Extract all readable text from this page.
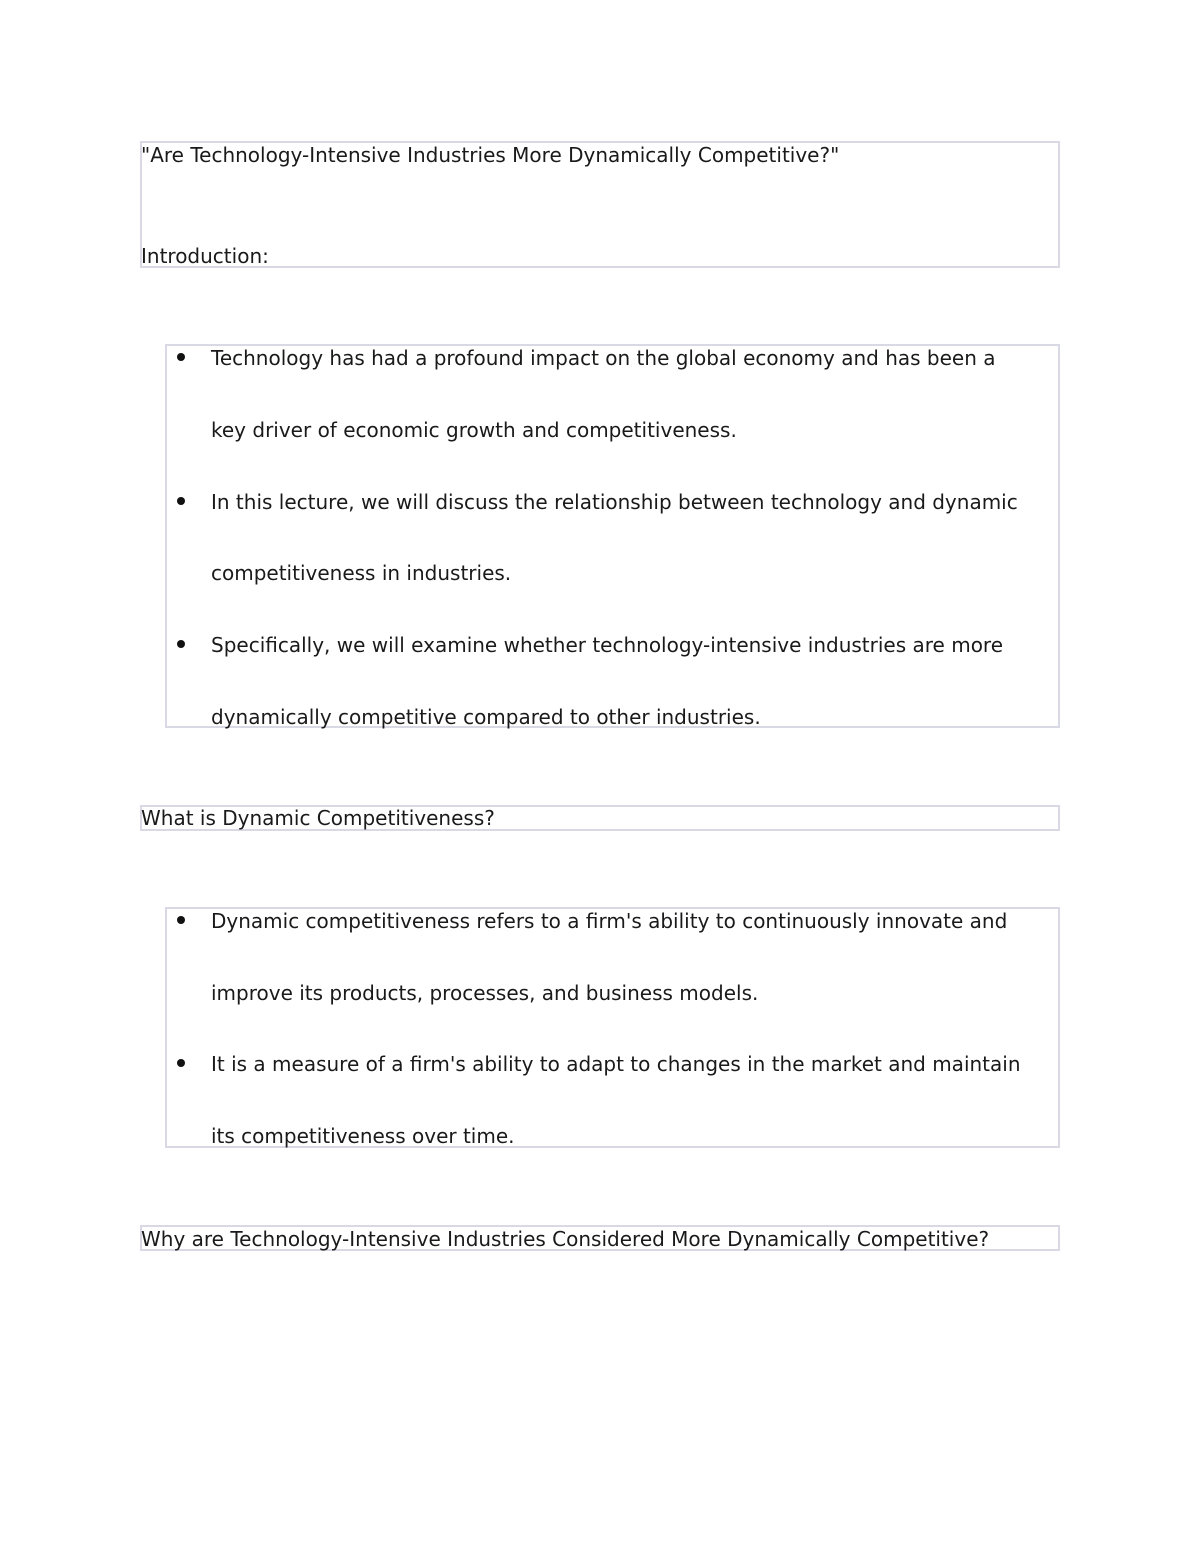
"Are Technology-Intensive Industries More Dynamically Competitive?"
Introduction:
Technology has had a profound impact on the global economy and has been a
key driver of economic growth and competitiveness.
In this lecture, we will discuss the relationship between technology and dynamic
competitiveness in industries.
Specifically, we will examine whether technology-intensive industries are more
dynamically competitive compared to other industries.
What is Dynamic Competitiveness?
Dynamic competitiveness refers to a firm's ability to continuously innovate and
improve its products, processes, and business models.
It is a measure of a firm's ability to adapt to changes in the market and maintain
its competitiveness over time.
Why are Technology-Intensive Industries Considered More Dynamically Competitive?
